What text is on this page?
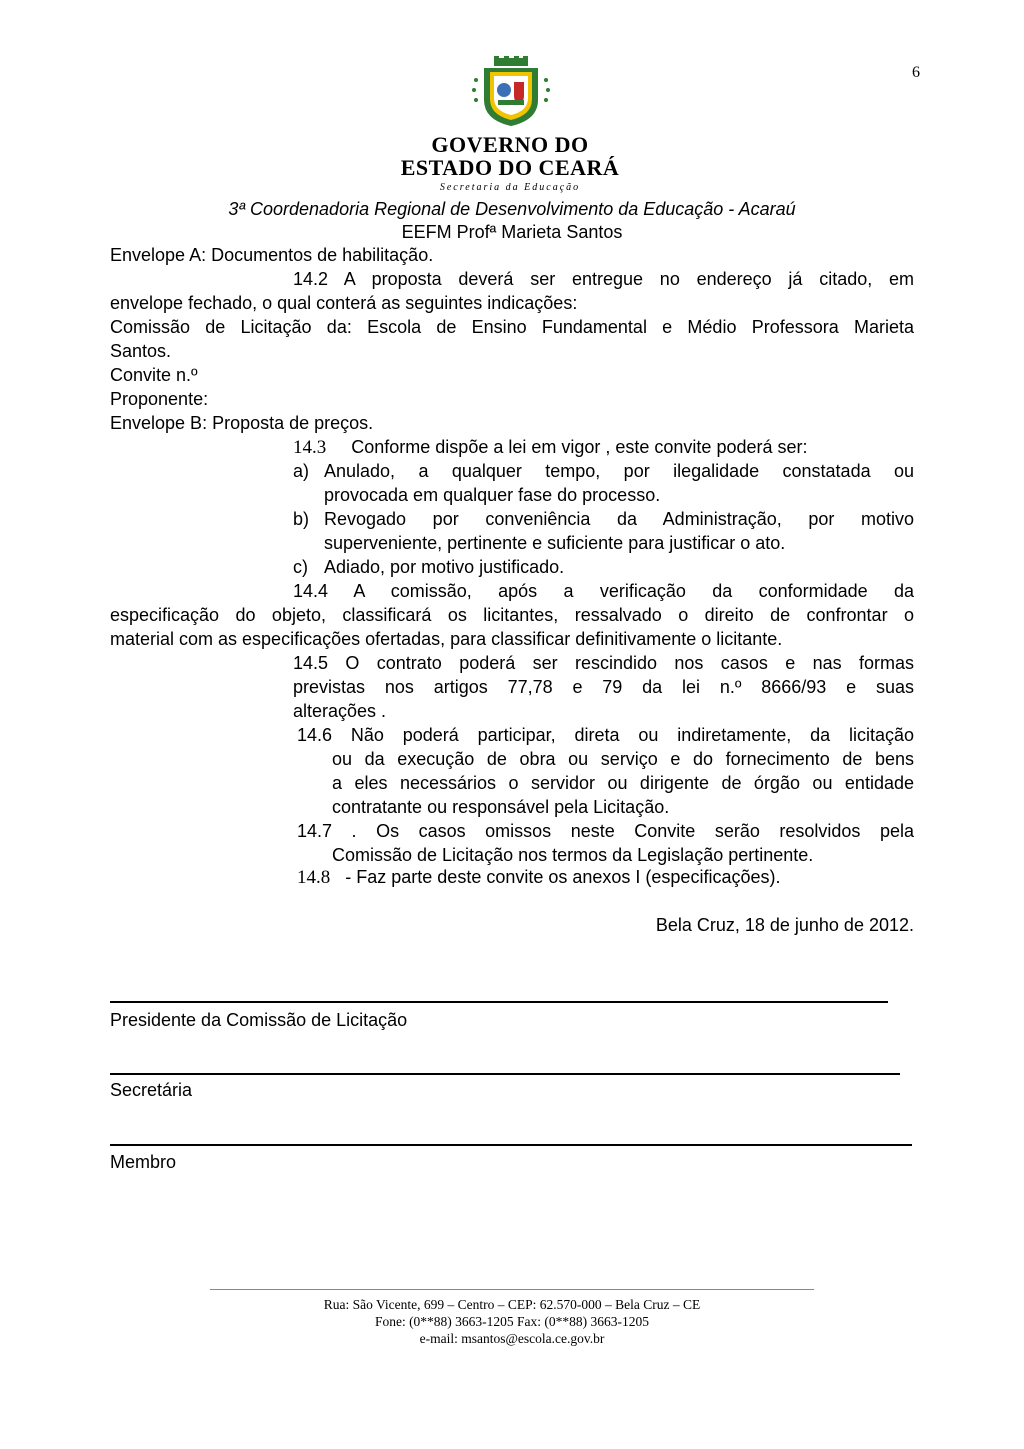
6
GOVERNO DO
ESTADO DO CEARÁ
Secretaria da Educação
3ª Coordenadoria Regional de Desenvolvimento da Educação - Acaraú
EEFM Profª Marieta Santos
Envelope A: Documentos de habilitação.
14.2 A proposta deverá ser entregue no endereço já citado, em
envelope fechado, o qual conterá as seguintes indicações:
Comissão de Licitação da: Escola de Ensino Fundamental e Médio Professora Marieta
Santos.
Convite n.º
Proponente:
Envelope B: Proposta de preços.
14.3 Conforme dispõe a lei em vigor , este convite poderá ser:
a) Anulado, a qualquer tempo, por ilegalidade constatada ou
provocada em qualquer fase do processo.
b) Revogado por conveniência da Administração, por motivo
superveniente, pertinente e suficiente para justificar o ato.
c) Adiado, por motivo justificado.
14.4 A comissão, após a verificação da conformidade da
especificação do objeto, classificará os licitantes, ressalvado o direito de confrontar o
material com as especificações ofertadas, para classificar definitivamente o licitante.
14.5 O contrato poderá ser rescindido nos casos e nas formas
previstas nos artigos 77,78 e 79 da lei n.º 8666/93 e suas
alterações .
14.6 Não poderá participar, direta ou indiretamente, da licitação
ou da execução de obra ou serviço e do fornecimento de bens
a eles necessários o servidor ou dirigente de órgão ou entidade
contratante ou responsável pela Licitação.
14.7 . Os casos omissos neste Convite serão resolvidos pela
Comissão de Licitação nos termos da Legislação pertinente.
14.8 - Faz parte deste convite os anexos I (especificações).
Bela Cruz, 18 de junho de 2012.
Presidente da Comissão de Licitação
Secretária
Membro
Rua: São Vicente, 699 – Centro – CEP: 62.570-000 – Bela Cruz – CE
Fone: (0**88) 3663-1205 Fax: (0**88) 3663-1205
e-mail: msantos@escola.ce.gov.br
